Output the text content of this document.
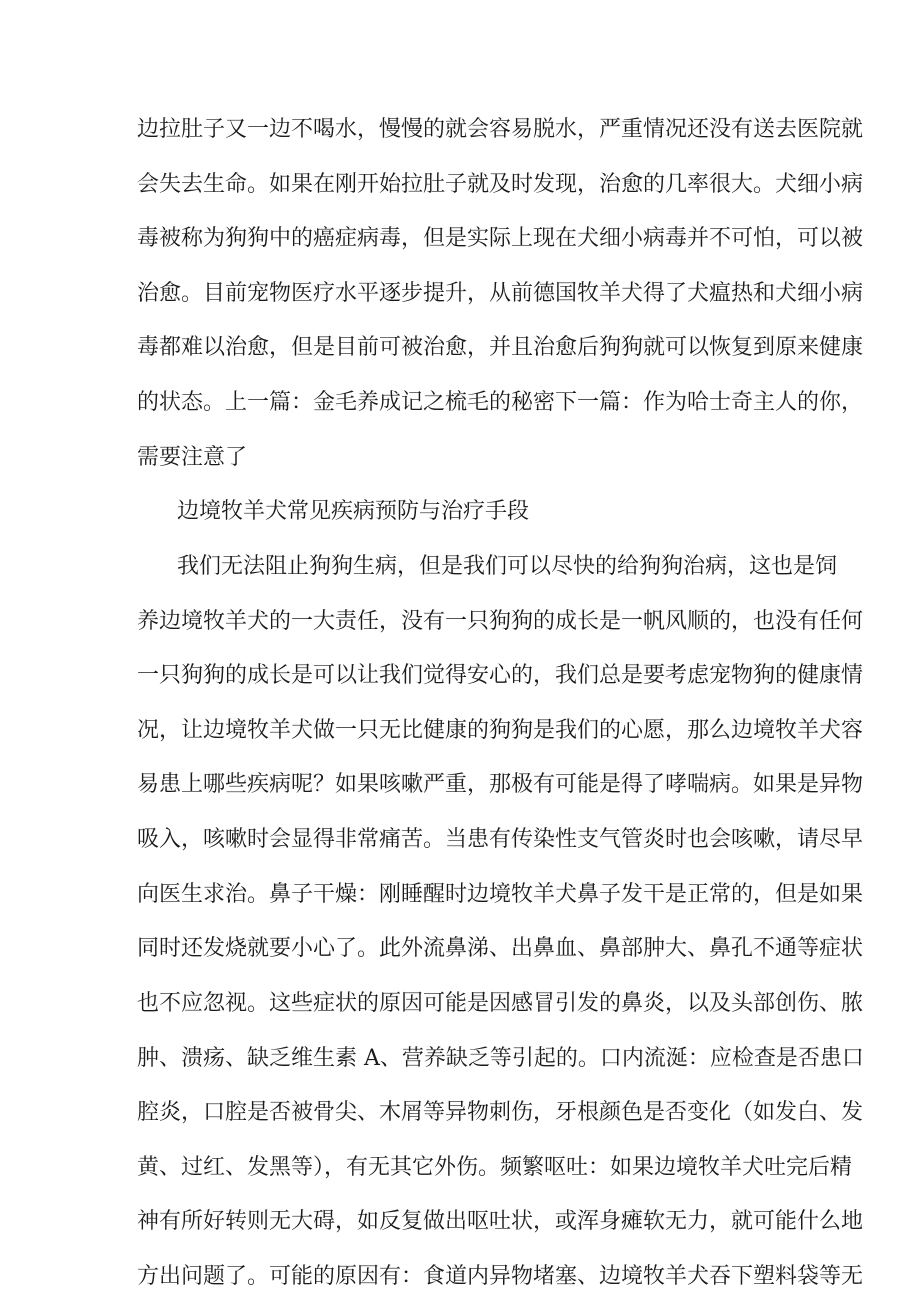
边拉肚子又一边不喝水，慢慢的就会容易脱水，严重情况还没有送去医院就
会失去生命。如果在刚开始拉肚子就及时发现，治愈的几率很大。犬细小病
毒被称为狗狗中的癌症病毒，但是实际上现在犬细小病毒并不可怕，可以被
治愈。目前宠物医疗水平逐步提升，从前德国牧羊犬得了犬瘟热和犬细小病
毒都难以治愈，但是目前可被治愈，并且治愈后狗狗就可以恢复到原来健康
的状态。上一篇：金毛养成记之梳毛的秘密下一篇：作为哈士奇主人的你，
需要注意了
边境牧羊犬常见疾病预防与治疗手段
我们无法阻止狗狗生病，但是我们可以尽快的给狗狗治病，这也是饲
养边境牧羊犬的一大责任，没有一只狗狗的成长是一帆风顺的，也没有任何
一只狗狗的成长是可以让我们觉得安心的，我们总是要考虑宠物狗的健康情
况，让边境牧羊犬做一只无比健康的狗狗是我们的心愿，那么边境牧羊犬容
易患上哪些疾病呢？如果咳嗽严重，那极有可能是得了哮喘病。如果是异物
吸入，咳嗽时会显得非常痛苦。当患有传染性支气管炎时也会咳嗽，请尽早
向医生求治。鼻子干燥：刚睡醒时边境牧羊犬鼻子发干是正常的，但是如果
同时还发烧就要小心了。此外流鼻涕、出鼻血、鼻部肿大、鼻孔不通等症状
也不应忽视。这些症状的原因可能是因感冒引发的鼻炎，以及头部创伤、脓
肿、溃疡、缺乏维生素 A、营养缺乏等引起的。口内流涎：应检查是否患口
腔炎，口腔是否被骨尖、木屑等异物刺伤，牙根颜色是否变化（如发白、发
黄、过红、发黑等），有无其它外伤。频繁呕吐：如果边境牧羊犬吐完后精
神有所好转则无大碍，如反复做出呕吐状，或浑身瘫软无力，就可能什么地
方出问题了。可能的原因有：食道内异物堵塞、边境牧羊犬吞下塑料袋等无
